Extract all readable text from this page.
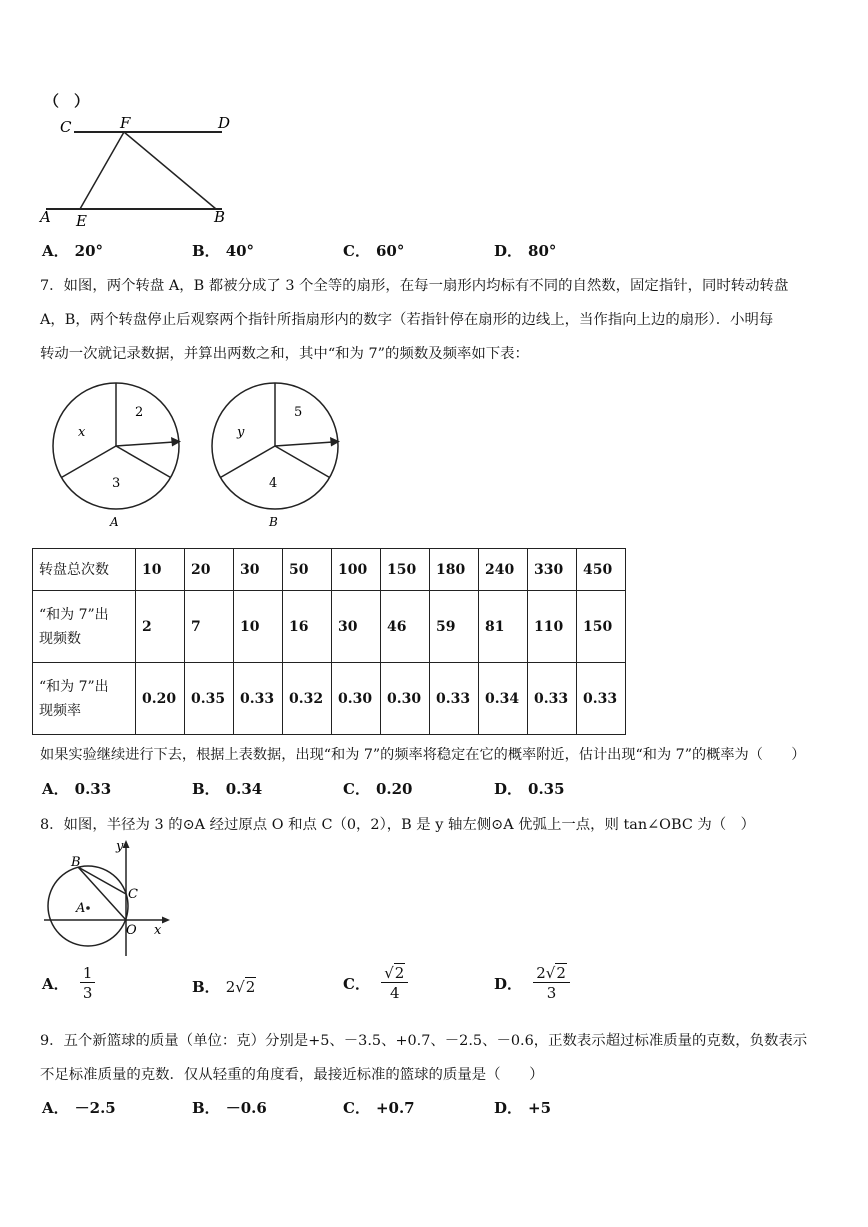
（　）
C	F	D
A E	B
A． 20°	B． 40°	C． 60°	D． 80°
7．如图，两个转盘 A，B 都被分成了 3 个全等的扇形，在每一扇形内均标有不同的自然数，固定指针，同时转动转盘
A，B，两个转盘停止后观察两个指针所指扇形内的数字（若指针停在扇形的边线上，当作指向上边的扇形）．小明每
转动一次就记录数据，并算出两数之和，其中“和为 7”的频数及频率如下表：
2
x
3
A
5
y
4
B
转盘总次数	10	20	30	50	100	150	180	240	330	450

“和为 7”出
现频数	2	7	10	16	30	46	59	81	110	150

“和为 7”出
现频率	0.20	0.35	0.33	0.32	0.30	0.30	0.33	0.34	0.33	0.33
如果实验继续进行下去，根据上表数据，出现“和为 7”的频率将稳定在它的概率附近，估计出现“和为 7”的概率为（　　）
A． 0.33	B． 0.34	C． 0.20	D． 0.35
8．如图，半径为 3 的⊙A 经过原点 O 和点 C（0，2），B 是 y 轴左侧⊙A 优弧上一点，则 tan∠OBC 为（　）
y
x
B
C
A
O
A． $\frac{1}{3}$	B． 2√2	C． $\frac{√2}{4}$	D． $\frac{2√2}{3}$
9．五个新篮球的质量（单位：克）分别是+5、－3.5、+0.7、－2.5、－0.6，正数表示超过标准质量的克数，负数表示
不足标准质量的克数．仅从轻重的角度看，最接近标准的篮球的质量是（　　）
A． －2.5	B． －0.6	C． +0.7	D． +5
